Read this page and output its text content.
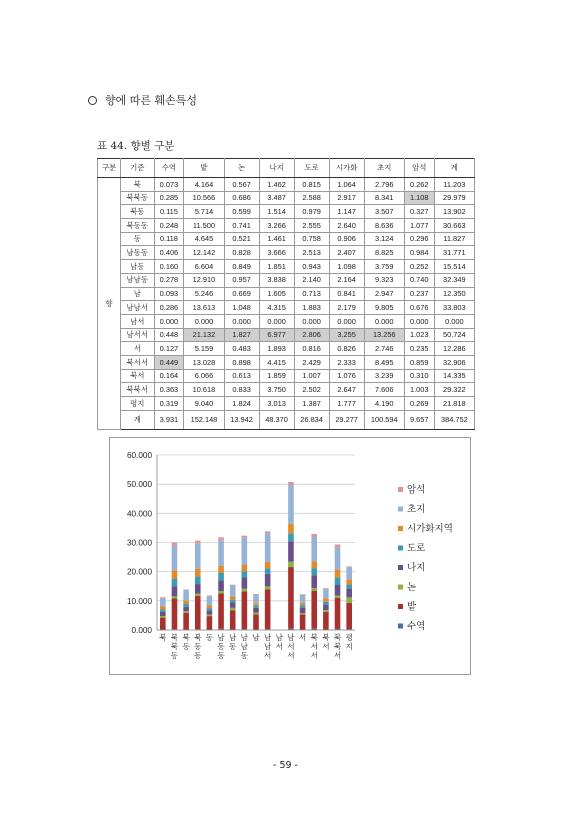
향에 따른 훼손특성
표 44. 향별 구분
구분	기준	수역	밭	논	나지	도로	시가화	초지	암석	계
향	북	0.073	4.164	0.567	1.462	0.815	1.064	2.796	0.262	11.203
	북북동	0.285	10.566	0.686	3.487	2.588	2.917	8.341	1.108	29.979
	북동	0.115	5.714	0.599	1.514	0.979	1.147	3.507	0.327	13.902
	북동동	0.248	11.500	0.741	3.266	2.555	2.640	8.636	1.077	30.663
	동	0.118	4.645	0.521	1.461	0.758	0.906	3.124	0.296	11.827
	남동동	0.406	12.142	0.828	3.666	2.513	2.407	8.825	0.984	31.771
	남동	0.160	6.604	0.849	1.851	0.943	1.098	3.759	0.252	15.514
	남남동	0.278	12.910	0.957	3.838	2.140	2.164	9.323	0.740	32.349
	남	0.093	5.246	0.669	1.605	0.713	0.841	2.947	0.237	12.350
	남남서	0.286	13.613	1.048	4.315	1.883	2.179	9.805	0.676	33.803
	남서	0.000	0.000	0.000	0.000	0.000	0.000	0.000	0.000	0.000
	남서서	0.448	21.132	1.827	6.977	2.806	3.255	13.256	1.023	50.724
	서	0.127	5.159	0.483	1.893	0.816	0.826	2.746	0.235	12.286
	북서서	0.449	13.028	0.898	4.415	2.429	2.333	8.495	0.859	32.906
	북서	0.164	6.066	0.613	1.859	1.007	1.076	3.239	0.310	14.335
	북북서	0.363	10.618	0.833	3.750	2.502	2.647	7.606	1.003	29.322
	평지	0.319	9.040	1.824	3.013	1.387	1.777	4.190	0.269	21.818
	계	3.931	152.148	13.942	48.370	26.834	29.277	100.594	9.657	384.752
0.000
10.000
20.000
30.000
40.000
50.000
60.000
북 북 북 동
북 동
북 동 동
동 남 동 동
남 동
남 남 동
남 남 남 서
남 서
남 서 서
서 북 서 서
북 서
북 북 서
평 지
암석
초지
시가화지역
도로
나지
논
밭
수역
- 59 -
